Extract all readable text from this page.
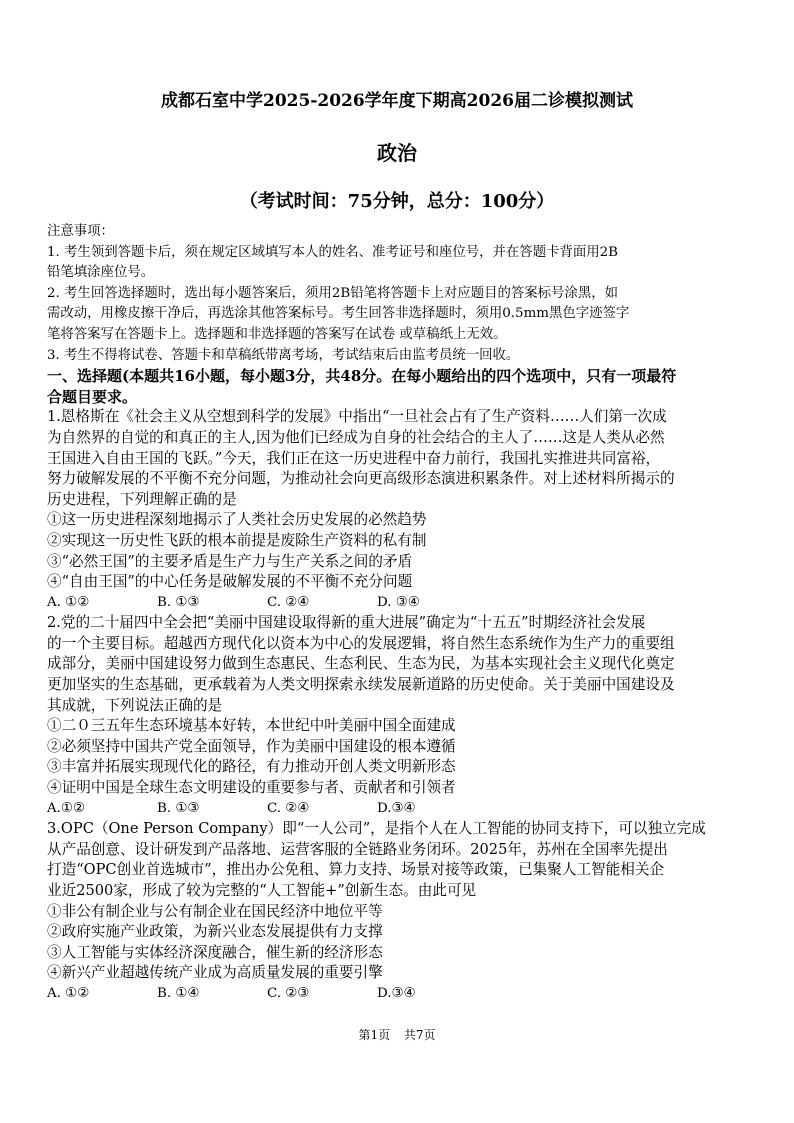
成都石室中学2025-2026学年度下期高2026届二诊模拟测试
政治
（考试时间：75分钟，总分：100分）
注意事项：
1. 考生领到答题卡后，须在规定区域填写本人的姓名、准考证号和座位号，并在答题卡背面用2B
铅笔填涂座位号。
2. 考生回答选择题时，选出每小题答案后，须用2B铅笔将答题卡上对应题目的答案标号涂黑，如
需改动，用橡皮擦干净后，再选涂其他答案标号。考生回答非选择题时，须用0.5mm黑色字迹签字
笔将答案写在答题卡上。选择题和非选择题的答案写在试卷 或草稿纸上无效。
3. 考生不得将试卷、答题卡和草稿纸带离考场，考试结束后由监考员统一回收。
一、选择题(本题共16小题，每小题3分，共48分。在每小题给出的四个选项中，只有一项最符
合题目要求。
1.恩格斯在《社会主义从空想到科学的发展》中指出“一旦社会占有了生产资料……人们第一次成
为自然界的自觉的和真正的主人,因为他们已经成为自身的社会结合的主人了……这是人类从必然
王国进入自由王国的飞跃。”今天，我们正在这一历史进程中奋力前行，我国扎实推进共同富裕，
努力破解发展的不平衡不充分问题，为推动社会向更高级形态演进积累条件。对上述材料所揭示的
历史进程，下列理解正确的是
①这一历史进程深刻地揭示了人类社会历史发展的必然趋势
②实现这一历史性飞跃的根本前提是废除生产资料的私有制
③“必然王国”的主要矛盾是生产力与生产关系之间的矛盾
④“自由王国”的中心任务是破解发展的不平衡不充分问题
A. ①②	B. ①③	C. ②④	D. ③④
2.党的二十届四中全会把“美丽中国建设取得新的重大进展”确定为“十五五”时期经济社会发展
的一个主要目标。超越西方现代化以资本为中心的发展逻辑，将自然生态系统作为生产力的重要组
成部分，美丽中国建设努力做到生态惠民、生态利民、生态为民，为基本实现社会主义现代化奠定
更加坚实的生态基础，更承载着为人类文明探索永续发展新道路的历史使命。关于美丽中国建设及
其成就，下列说法正确的是
①二０三五年生态环境基本好转，本世纪中叶美丽中国全面建成
②必须坚持中国共产党全面领导，作为美丽中国建设的根本遵循
③丰富并拓展实现现代化的路径，有力推动开创人类文明新形态
④证明中国是全球生态文明建设的重要参与者、贡献者和引领者
A.①②	B. ①③	C. ②④	D.③④
3.OPC（One Person Company）即“一人公司”，是指个人在人工智能的协同支持下，可以独立完成
从产品创意、设计研发到产品落地、运营客服的全链路业务闭环。2025年，苏州在全国率先提出
打造“OPC创业首选城市”，推出办公免租、算力支持、场景对接等政策，已集聚人工智能相关企
业近2500家，形成了较为完整的“人工智能+”创新生态。由此可见
①非公有制企业与公有制企业在国民经济中地位平等
②政府实施产业政策，为新兴业态发展提供有力支撑
③人工智能与实体经济深度融合，催生新的经济形态
④新兴产业超越传统产业成为高质量发展的重要引擎
A. ①②	B. ①④	C. ②③	D.③④
第1页 共7页
